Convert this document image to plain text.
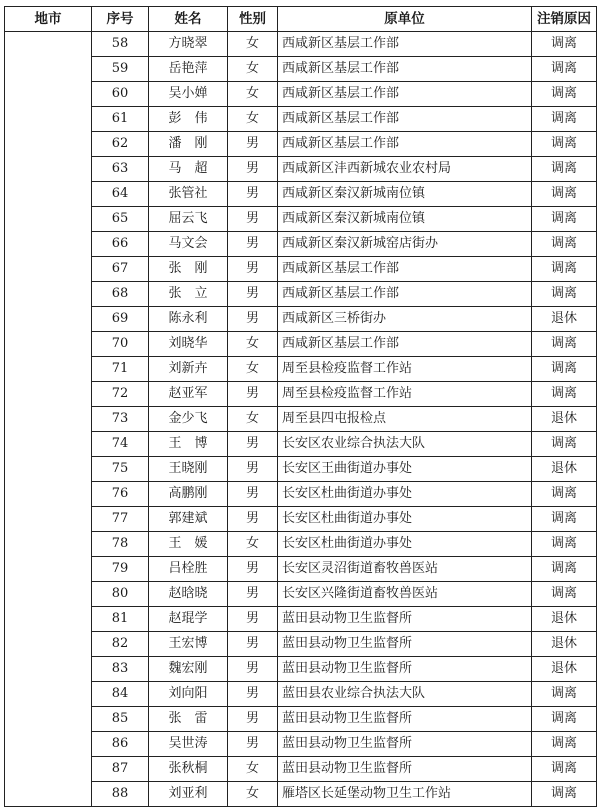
地市	序号	姓名	性别	原单位	注销原因
	58	方晓翠	女	西咸新区基层工作部	调离
	59	岳艳萍	女	西咸新区基层工作部	调离
	60	吴小婵	女	西咸新区基层工作部	调离
	61	彭　伟	女	西咸新区基层工作部	调离
	62	潘　刚	男	西咸新区基层工作部	调离
	63	马　超	男	西咸新区沣西新城农业农村局	调离
	64	张管社	男	西咸新区秦汉新城南位镇	调离
	65	屈云飞	男	西咸新区秦汉新城南位镇	调离
	66	马文会	男	西咸新区秦汉新城窑店街办	调离
	67	张　刚	男	西咸新区基层工作部	调离
	68	张　立	男	西咸新区基层工作部	调离
	69	陈永利	男	西咸新区三桥街办	退休
	70	刘晓华	女	西咸新区基层工作部	调离
	71	刘新卉	女	周至县检疫监督工作站	调离
	72	赵亚军	男	周至县检疫监督工作站	调离
	73	金少飞	女	周至县四屯报检点	退休
	74	王　博	男	长安区农业综合执法大队	调离
	75	王晓刚	男	长安区王曲街道办事处	退休
	76	高鹏刚	男	长安区杜曲街道办事处	调离
	77	郭建斌	男	长安区杜曲街道办事处	调离
	78	王　媛	女	长安区杜曲街道办事处	调离
	79	吕栓胜	男	长安区灵沼街道畜牧兽医站	调离
	80	赵晗晓	男	长安区兴隆街道畜牧兽医站	调离
	81	赵琨学	男	蓝田县动物卫生监督所	退休
	82	王宏博	男	蓝田县动物卫生监督所	退休
	83	魏宏刚	男	蓝田县动物卫生监督所	退休
	84	刘向阳	男	蓝田县农业综合执法大队	调离
	85	张　雷	男	蓝田县动物卫生监督所	调离
	86	吴世涛	男	蓝田县动物卫生监督所	调离
	87	张秋桐	女	蓝田县动物卫生监督所	调离
	88	刘亚利	女	雁塔区长延堡动物卫生工作站	调离
